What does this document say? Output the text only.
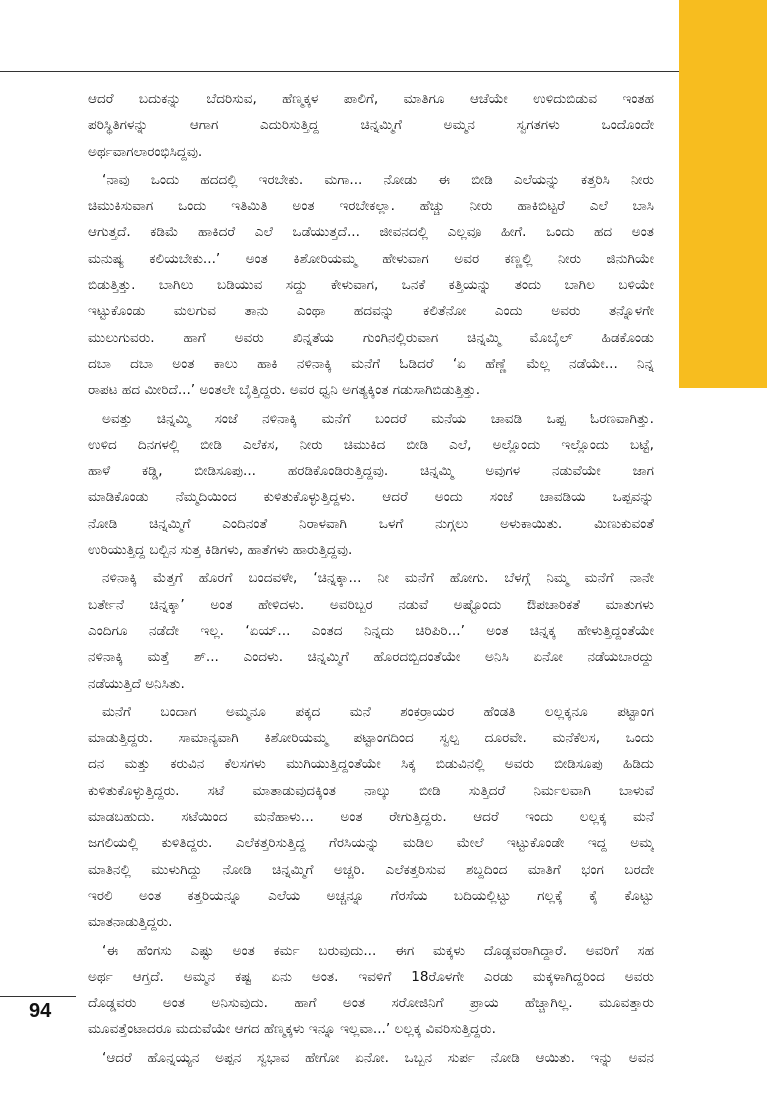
ಆದರೆ ಬದುಕನ್ನು ಬೆದರಿಸುವ, ಹೆಣ್ಮಕ್ಕಳ ಪಾಲಿಗೆ, ಮಾತಿಗೂ ಆಚೆಯೇ ಉಳಿದುಬಿಡುವ ಇಂತಹ

ಪರಿಸ್ಥಿತಿಗಳನ್ನು ಆಗಾಗ ಎದುರಿಸುತ್ತಿದ್ದ ಚಿನ್ನಮ್ಮಿಗೆ ಅಮ್ಮನ ಸ್ವಗತಗಳು ಒಂದೊಂದೇ

ಅರ್ಥವಾಗಲಾರಂಭಿಸಿದ್ದವು.

‘ನಾವು ಒಂದು ಹದದಲ್ಲಿ ಇರಬೇಕು. ಮಗಾ... ನೋಡು ಈ ಬೀಡಿ ಎಲೆಯನ್ನು ಕತ್ತರಿಸಿ ನೀರು

ಚಿಮುಕಿಸುವಾಗ ಒಂದು ಇತಿಮಿತಿ ಅಂತ ಇರಬೇಕಲ್ಲಾ. ಹೆಚ್ಚು ನೀರು ಹಾಕಿಬಿಟ್ಟರೆ ಎಲೆ ಬಾಸಿ

ಆಗುತ್ತದೆ. ಕಡಿಮೆ ಹಾಕಿದರೆ ಎಲೆ ಒಡೆಯುತ್ತದೆ... ಜೀವನದಲ್ಲಿ ಎಲ್ಲವೂ ಹೀಗೆ. ಒಂದು ಹದ ಅಂತ

ಮನುಷ್ಯ ಕಲಿಯಬೇಕು...’ ಅಂತ ಕಿಶೋರಿಯಮ್ಮ ಹೇಳುವಾಗ ಅವರ ಕಣ್ಣಲ್ಲಿ ನೀರು ಜಿನುಗಿಯೇ

ಬಿಡುತ್ತಿತ್ತು. ಬಾಗಿಲು ಬಡಿಯುವ ಸದ್ದು ಕೇಳುವಾಗ, ಒನಕೆ ಕತ್ತಿಯನ್ನು ತಂದು ಬಾಗಿಲ ಬಳಿಯೇ

ಇಟ್ಟುಕೊಂಡು ಮಲಗುವ ತಾನು ಎಂಥಾ ಹದವನ್ನು ಕಲಿತೆನೋ ಎಂದು ಅವರು ತನ್ನೊಳಗೇ

ಮುಲುಗುವರು. ಹಾಗೆ ಅವರು ಖಿನ್ನತೆಯ ಗುಂಗಿನಲ್ಲಿರುವಾಗ ಚಿನ್ನಮ್ಮಿ ಮೊಬೈಲ್ ಹಿಡಕೊಂಡು

ದಬಾ ದಬಾ ಅಂತ ಕಾಲು ಹಾಕಿ ನಳಿನಾಕ್ಕಿ ಮನೆಗೆ ಓಡಿದರೆ ‘ಏ ಹೆಣ್ಣೆ ಮೆಲ್ಲ ನಡೆಯೇ... ನಿನ್ನ

ರಾಪಟ ಹದ ಮೀರಿದೆ...’ ಅಂತಲೇ ಬೈತ್ತಿದ್ದರು. ಅವರ ಧ್ವನಿ ಅಗತ್ಯಕ್ಕಿಂತ ಗಡುಸಾಗಿಬಿಡುತ್ತಿತ್ತು.

ಅವತ್ತು ಚಿನ್ನಮ್ಮಿ ಸಂಜೆ ನಳಿನಾಕ್ಕಿ ಮನೆಗೆ ಬಂದರೆ ಮನೆಯ ಚಾವಡಿ ಒಪ್ಪ ಓರಣವಾಗಿತ್ತು.

ಉಳಿದ ದಿನಗಳಲ್ಲಿ ಬೀಡಿ ಎಲೆಕಸ, ನೀರು ಚಿಮುಕಿದ ಬೀಡಿ ಎಲೆ, ಅಲ್ಲೊಂದು ಇಲ್ಲೊಂದು ಬಟ್ಟೆ,

ಹಾಳೆ ಕಡ್ಡಿ, ಬೀಡಿಸೂಪು... ಹರಡಿಕೊಂಡಿರುತ್ತಿದ್ದವು. ಚಿನ್ನಮ್ಮಿ ಅವುಗಳ ನಡುವೆಯೇ ಜಾಗ

ಮಾಡಿಕೊಂಡು ನೆಮ್ಮದಿಯಿಂದ ಕುಳಿತುಕೊಳ್ಳುತ್ತಿದ್ದಳು. ಆದರೆ ಅಂದು ಸಂಜೆ ಚಾವಡಿಯ ಒಪ್ಪವನ್ನು

ನೋಡಿ ಚಿನ್ನಮ್ಮಿಗೆ ಎಂದಿನಂತೆ ನಿರಾಳವಾಗಿ ಒಳಗೆ ನುಗ್ಗಲು ಅಳುಕಾಯಿತು. ಮಿಣುಕುವಂತೆ

ಉರಿಯುತ್ತಿದ್ದ ಬಲ್ಬಿನ ಸುತ್ತ ಕಿಡಿಗಳು, ಹಾತೆಗಳು ಹಾರುತ್ತಿದ್ದವು.

ನಳಿನಾಕ್ಕಿ ಮೆತ್ತಗೆ ಹೊರಗೆ ಬಂದವಳೇ, ‘ಚಿನ್ನಕ್ಕಾ... ನೀ ಮನೆಗೆ ಹೋಗು. ಬೆಳಗ್ಗೆ ನಿಮ್ಮ ಮನೆಗೆ ನಾನೇ

ಬರ್ತೇನೆ ಚಿನ್ನಕ್ಕಾ’ ಅಂತ ಹೇಳಿದಳು. ಅವರಿಬ್ಬರ ನಡುವೆ ಅಷ್ಟೊಂದು ಔಪಚಾರಿಕತೆ ಮಾತುಗಳು

ಎಂದಿಗೂ ನಡೆದೇ ಇಲ್ಲ. ‘ಏಯ್... ಎಂತದ ನಿನ್ನದು ಚಿರಿಪಿರಿ...’ ಅಂತ ಚಿನ್ನಕ್ಕ ಹೇಳುತ್ತಿದ್ದಂತೆಯೇ

ನಳಿನಾಕ್ಕಿ ಮತ್ತೆ ಶ್... ಎಂದಳು. ಚಿನ್ನಮ್ಮಿಗೆ ಹೊರದಬ್ಬಿದಂತೆಯೇ ಅನಿಸಿ ಏನೋ ನಡೆಯಬಾರದ್ದು

ನಡೆಯುತ್ತಿದೆ ಅನಿಸಿತು.

ಮನೆಗೆ ಬಂದಾಗ ಅಮ್ಮನೂ ಪಕ್ಕದ ಮನೆ ಶಂಕರ್ರಾಯರ ಹೆಂಡತಿ ಲಲ್ಲಕ್ಕನೂ ಪಟ್ಟಾಂಗ

ಮಾಡುತ್ತಿದ್ದರು. ಸಾಮಾನ್ಯವಾಗಿ ಕಿಶೋರಿಯಮ್ಮ ಪಟ್ಟಾಂಗದಿಂದ ಸ್ವಲ್ಪ ದೂರವೇ. ಮನೆಕೆಲಸ, ಒಂದು

ದನ ಮತ್ತು ಕರುವಿನ ಕೆಲಸಗಳು ಮುಗಿಯುತ್ತಿದ್ದಂತೆಯೇ ಸಿಕ್ಕ ಬಿಡುವಿನಲ್ಲಿ ಅವರು ಬೀಡಿಸೂಪು ಹಿಡಿದು

ಕುಳಿತುಕೊಳ್ಳುತ್ತಿದ್ದರು. ಸಟೆ ಮಾತಾಡುವುದಕ್ಕಿಂತ ನಾಲ್ಕು ಬೀಡಿ ಸುತ್ತಿದರೆ ನಿರ್ಮಲವಾಗಿ ಬಾಳುವೆ

ಮಾಡಬಹುದು. ಸಟೆಯಿಂದ ಮನೆಹಾಳು... ಅಂತ ರೇಗುತ್ತಿದ್ದರು. ಆದರೆ ಇಂದು ಲಲ್ಲಕ್ಕ ಮನೆ

ಜಗಲಿಯಲ್ಲಿ ಕುಳಿತಿದ್ದರು. ಎಲೆಕತ್ತರಿಸುತ್ತಿದ್ದ ಗೆರಸಿಯನ್ನು ಮಡಿಲ ಮೇಲೆ ಇಟ್ಟುಕೊಂಡೇ ಇದ್ದ ಅಮ್ಮ

ಮಾತಿನಲ್ಲಿ ಮುಳುಗಿದ್ದು ನೋಡಿ ಚಿನ್ನಮ್ಮಿಗೆ ಅಚ್ಚರಿ. ಎಲೆಕತ್ತರಿಸುವ ಶಬ್ದದಿಂದ ಮಾತಿಗೆ ಭಂಗ ಬರದೇ

ಇರಲಿ ಅಂತ ಕತ್ತರಿಯನ್ನೂ ಎಲೆಯ ಅಚ್ಚನ್ನೂ ಗೆರಸೆಯ ಬದಿಯಲ್ಲಿಟ್ಟು ಗಲ್ಲಕ್ಕೆ ಕೈ ಕೊಟ್ಟು

ಮಾತನಾಡುತ್ತಿದ್ದರು.

‘ಈ ಹೆಂಗಸು ಎಷ್ಟು ಅಂತ ಕರ್ಮ ಬರುವುದು... ಈಗ ಮಕ್ಕಳು ದೊಡ್ಡವರಾಗಿದ್ದಾರೆ. ಅವರಿಗೆ ಸಹ

ಅರ್ಥ ಆಗ್ತದೆ. ಅಮ್ಮನ ಕಷ್ಟ ಏನು ಅಂತ. ಇವಳಿಗೆ 18ರೊಳಗೇ ಎರಡು ಮಕ್ಕಳಾಗಿದ್ದರಿಂದ ಅವರು

ದೊಡ್ಡವರು ಅಂತ ಅನಿಸುವುದು. ಹಾಗೆ ಅಂತ ಸರೋಜಿನಿಗೆ ಪ್ರಾಯ ಹೆಚ್ಚಾಗಿಲ್ಲ. ಮೂವತ್ತಾರು

ಮೂವತ್ತೆಂಟಾದರೂ ಮದುವೆಯೇ ಆಗದ ಹೆಣ್ಮಕ್ಕಳು ಇನ್ನೂ ಇಲ್ಲವಾ...’ ಲಲ್ಲಕ್ಕ ವಿವರಿಸುತ್ತಿದ್ದರು.

‘ಆದರೆ ಹೊನ್ನಯ್ಯನ ಅಪ್ಪನ ಸ್ವಭಾವ ಹೇಗೋ ಏನೋ. ಒಬ್ಬನ ಸುರ್ಪ ನೋಡಿ ಆಯಿತು. ಇನ್ನು ಅವನ

94
